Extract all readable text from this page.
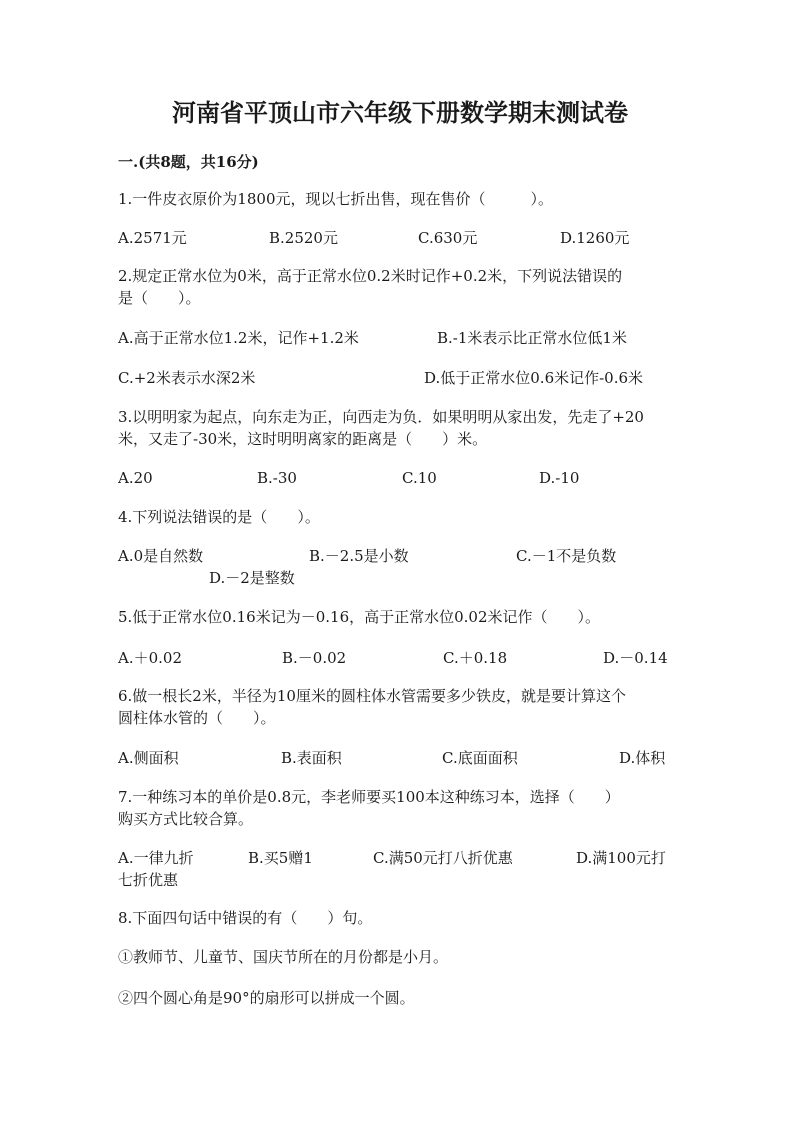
河南省平顶山市六年级下册数学期末测试卷
一.(共8题，共16分)
1.一件皮衣原价为1800元，现以七折出售，现在售价（　　　）。
A.2571元	B.2520元	C.630元	D.1260元
2.规定正常水位为0米，高于正常水位0.2米时记作+0.2米，下列说法错误的
是（　　）。
A.高于正常水位1.2米，记作+1.2米	B.-1米表示比正常水位低1米
C.+2米表示水深2米	D.低于正常水位0.6米记作-0.6米
3.以明明家为起点，向东走为正，向西走为负．如果明明从家出发，先走了+20
米，又走了-30米，这时明明离家的距离是（　　）米。
A.20	B.-30	C.10	D.-10
4.下列说法错误的是（　　）。
A.0是自然数	B.－2.5是小数	C.－1不是负数
D.－2是整数
5.低于正常水位0.16米记为－0.16，高于正常水位0.02米记作（　　）。
A.＋0.02	B.－0.02	C.＋0.18	D.－0.14
6.做一根长2米，半径为10厘米的圆柱体水管需要多少铁皮，就是要计算这个
圆柱体水管的（　　）。
A.侧面积	B.表面积	C.底面面积	D.体积
7.一种练习本的单价是0.8元，李老师要买100本这种练习本，选择（　　）
购买方式比较合算。
A.一律九折	B.买5赠1	C.满50元打八折优惠	D.满100元打
七折优惠
8.下面四句话中错误的有（　　）句。
①教师节、儿童节、国庆节所在的月份都是小月。
②四个圆心角是90°的扇形可以拼成一个圆。
